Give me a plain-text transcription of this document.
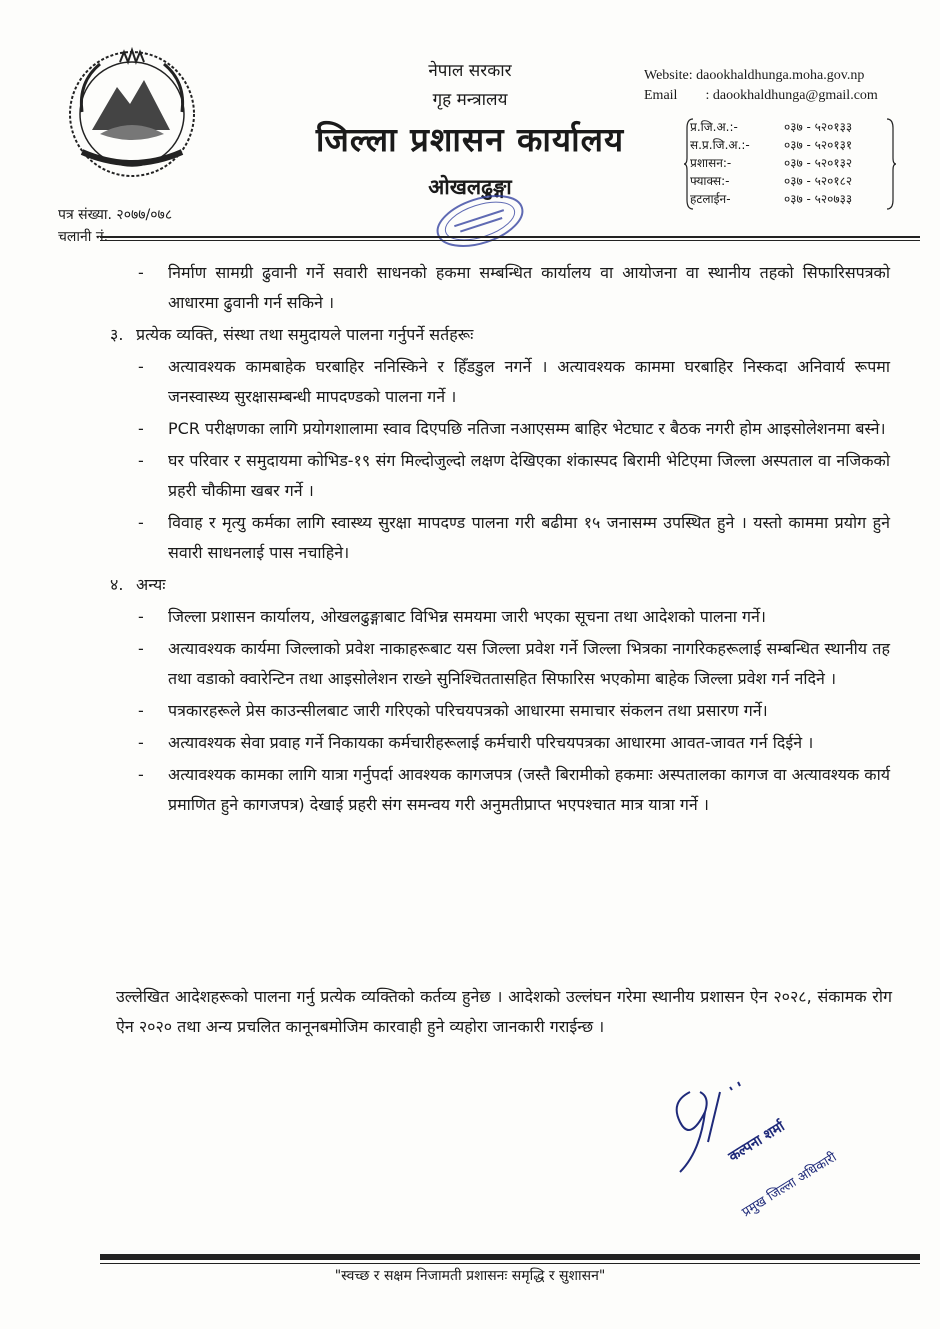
नेपाल सरकार
गृह मन्त्रालय
जिल्ला प्रशासन कार्यालय
ओखलढुङ्गा
Website: daookhaldhunga.moha.gov.np
Email : daookhaldhunga@gmail.com
प्र.जि.अ.:-	०३७ - ५२०१३३
स.प्र.जि.अ.:-	०३७ - ५२०१३१
प्रशासन:-	०३७ - ५२०१३२
फ्याक्स:-	०३७ - ५२०१८२
हटलाईन-	०३७ - ५२०७३३
पत्र संख्या. २०७७/०७८
चलानी नं.-
- निर्माण सामग्री ढुवानी गर्ने सवारी साधनको हकमा सम्बन्धित कार्यालय वा आयोजना वा स्थानीय तहको सिफारिसपत्रको आधारमा ढुवानी गर्न सकिने ।
३. प्रत्येक व्यक्ति, संस्था तथा समुदायले पालना गर्नुपर्ने सर्तहरूः
- अत्यावश्यक कामबाहेक घरबाहिर ननिस्किने र हिँडडुल नगर्ने । अत्यावश्यक काममा घरबाहिर निस्कदा अनिवार्य रूपमा जनस्वास्थ्य सुरक्षासम्बन्धी मापदण्डको पालना गर्ने ।
- PCR परीक्षणका लागि प्रयोगशालामा स्वाव दिएपछि नतिजा नआएसम्म बाहिर भेटघाट र बैठक नगरी होम आइसोलेशनमा बस्ने।
- घर परिवार र समुदायमा कोभिड-१९ संग मिल्दोजुल्दो लक्षण देखिएका शंकास्पद बिरामी भेटिएमा जिल्ला अस्पताल वा नजिकको प्रहरी चौकीमा खबर गर्ने ।
- विवाह र मृत्यु कर्मका लागि स्वास्थ्य सुरक्षा मापदण्ड पालना गरी बढीमा १५ जनासम्म उपस्थित हुने । यस्तो काममा प्रयोग हुने सवारी साधनलाई पास नचाहिने।
४. अन्यः
- जिल्ला प्रशासन कार्यालय, ओखलढुङ्गाबाट विभिन्न समयमा जारी भएका सूचना तथा आदेशको पालना गर्ने।
- अत्यावश्यक कार्यमा जिल्लाको प्रवेश नाकाहरूबाट यस जिल्ला प्रवेश गर्ने जिल्ला भित्रका नागरिकहरूलाई सम्बन्धित स्थानीय तह तथा वडाको क्वारेन्टिन तथा आइसोलेशन राख्ने सुनिश्चिततासहित सिफारिस भएकोमा बाहेक जिल्ला प्रवेश गर्न नदिने ।
- पत्रकारहरूले प्रेस काउन्सीलबाट जारी गरिएको परिचयपत्रको आधारमा समाचार संकलन तथा प्रसारण गर्ने।
- अत्यावश्यक सेवा प्रवाह गर्ने निकायका कर्मचारीहरूलाई कर्मचारी परिचयपत्रका आधारमा आवत-जावत गर्न दिईने ।
- अत्यावश्यक कामका लागि यात्रा गर्नुपर्दा आवश्यक कागजपत्र (जस्तै बिरामीको हकमाः अस्पतालका कागज वा अत्यावश्यक कार्य प्रमाणित हुने कागजपत्र) देखाई प्रहरी संग समन्वय गरी अनुमतीप्राप्त भएपश्चात मात्र यात्रा गर्ने ।
उल्लेखित आदेशहरूको पालना गर्नु प्रत्येक व्यक्तिको कर्तव्य हुनेछ । आदेशको उल्लंघन गरेमा स्थानीय प्रशासन ऐन २०२८, संकामक रोग ऐन २०२० तथा अन्य प्रचलित कानूनबमोजिम कारवाही हुने व्यहोरा जानकारी गराईन्छ ।
कल्पना शर्मा
प्रमुख जिल्ला अधिकारी
"स्वच्छ र सक्षम निजामती प्रशासनः समृद्धि र सुशासन"
